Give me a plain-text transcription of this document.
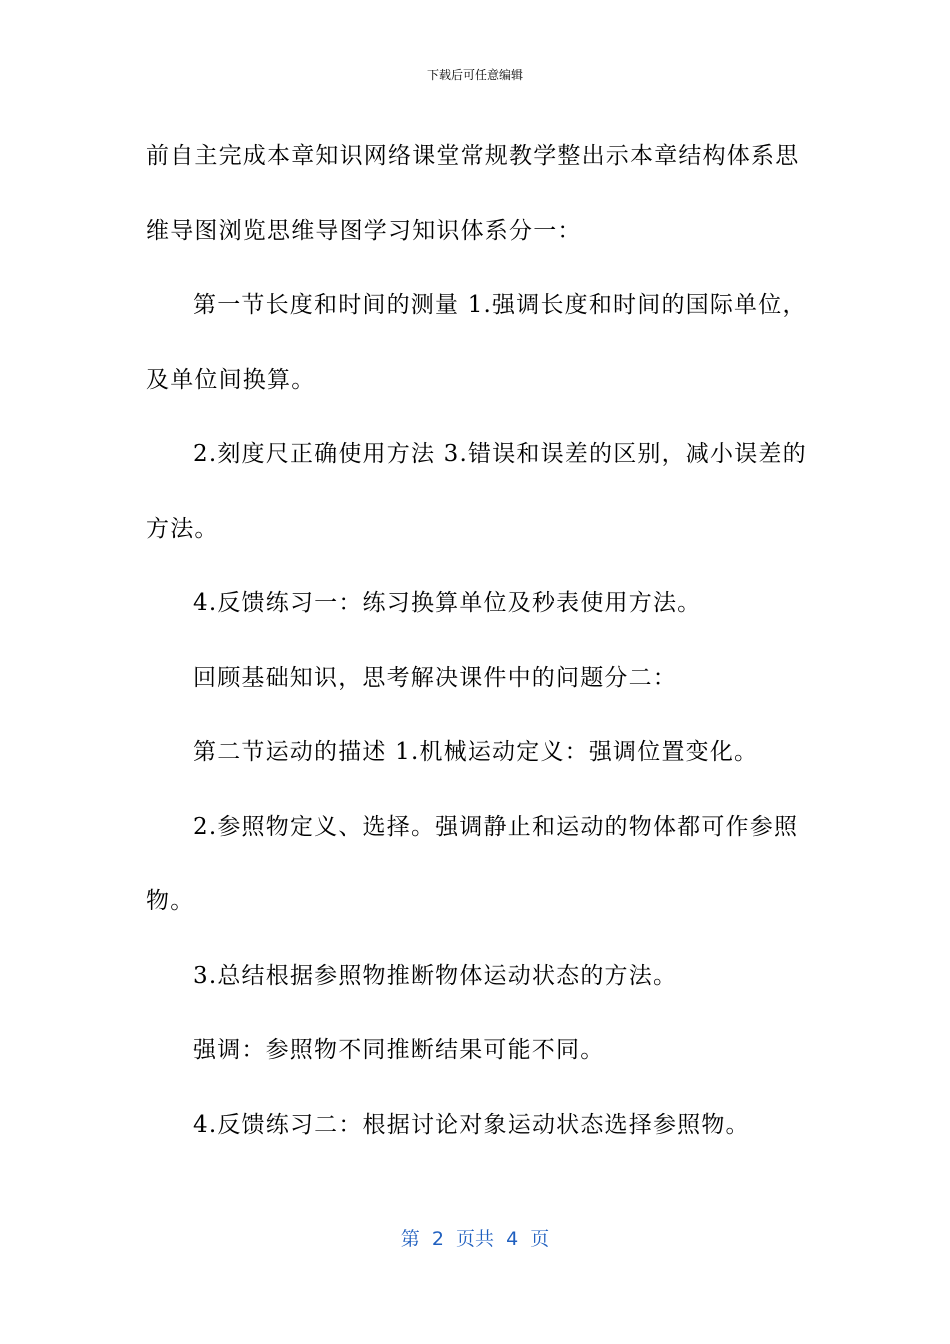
下载后可任意编辑
前自主完成本章知识网络课堂常规教学整出示本章结构体系思
维导图浏览思维导图学习知识体系分一：
第一节长度和时间的测量 1.强调长度和时间的国际单位，
及单位间换算。
2.刻度尺正确使用方法 3.错误和误差的区别，减小误差的
方法。
4.反馈练习一：练习换算单位及秒表使用方法。
回顾基础知识，思考解决课件中的问题分二：
第二节运动的描述 1.机械运动定义：强调位置变化。
2.参照物定义、选择。强调静止和运动的物体都可作参照
物。
3.总结根据参照物推断物体运动状态的方法。
强调：参照物不同推断结果可能不同。
4.反馈练习二：根据讨论对象运动状态选择参照物。
第  2  页共  4  页
